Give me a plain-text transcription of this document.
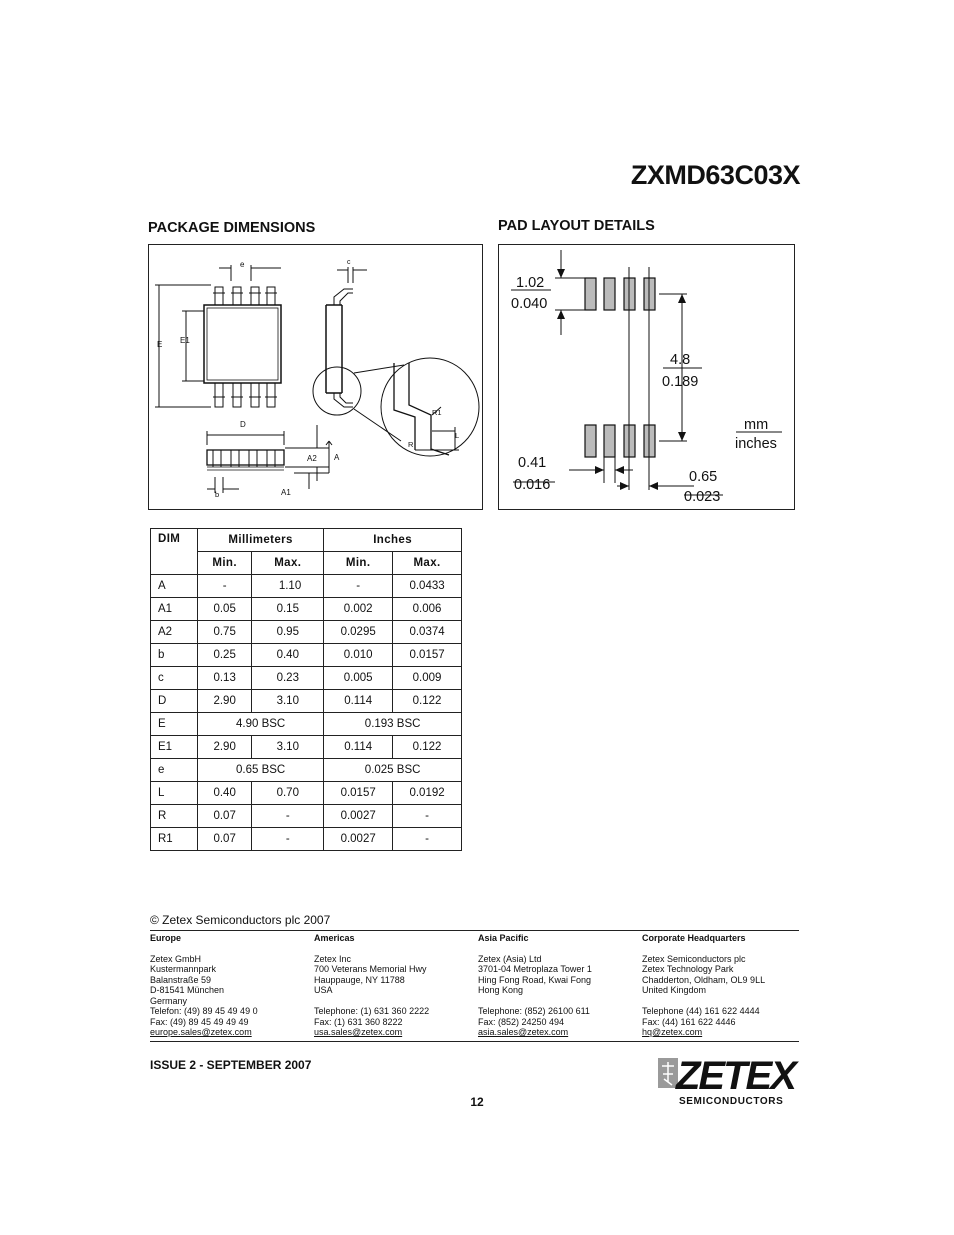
ZXMD63C03X
PACKAGE DIMENSIONS	PAD LAYOUT DETAILS
e	c
E E1
R1
R
L
D
A2 A
b	A1
1.02
0.040
4.8
0.189
mm
inches
0.41
0.016	0.65
0.023
DIM	Millimeters		Inches	
	Min.	Max.	Min.	Max.
A	-	1.10	-	0.0433
A1	0.05	0.15	0.002	0.006
A2	0.75	0.95	0.0295	0.0374
b	0.25	0.40	0.010	0.0157
c	0.13	0.23	0.005	0.009
D	2.90	3.10	0.114	0.122
E	4.90 BSC		0.193 BSC	
E1	2.90	3.10	0.114	0.122
e	0.65 BSC		0.025 BSC	
L	0.40	0.70	0.0157	0.0192
R	0.07	-	0.0027	-
R1	0.07	-	0.0027	-
© Zetex Semiconductors plc 2007
Europe
Zetex GmbH
Kustermannpark
Balanstraße 59
D-81541 München
Germany
Telefon: (49) 89 45 49 49 0
Fax: (49) 89 45 49 49 49
europe.sales@zetex.com
Americas
Zetex Inc
700 Veterans Memorial Hwy
Hauppauge, NY 11788
USA
Telephone: (1) 631 360 2222
Fax: (1) 631 360 8222
usa.sales@zetex.com
Asia Pacific
Zetex (Asia) Ltd
3701-04 Metroplaza Tower 1
Hing Fong Road, Kwai Fong
Hong Kong
Telephone: (852) 26100 611
Fax: (852) 24250 494
asia.sales@zetex.com
Corporate Headquarters
Zetex Semiconductors plc
Zetex Technology Park
Chadderton, Oldham, OL9 9LL
United Kingdom
Telephone (44) 161 622 4444
Fax: (44) 161 622 4446
hq@zetex.com
ISSUE 2 - SEPTEMBER 2007
12
ZETEX
SEMICONDUCTORS
